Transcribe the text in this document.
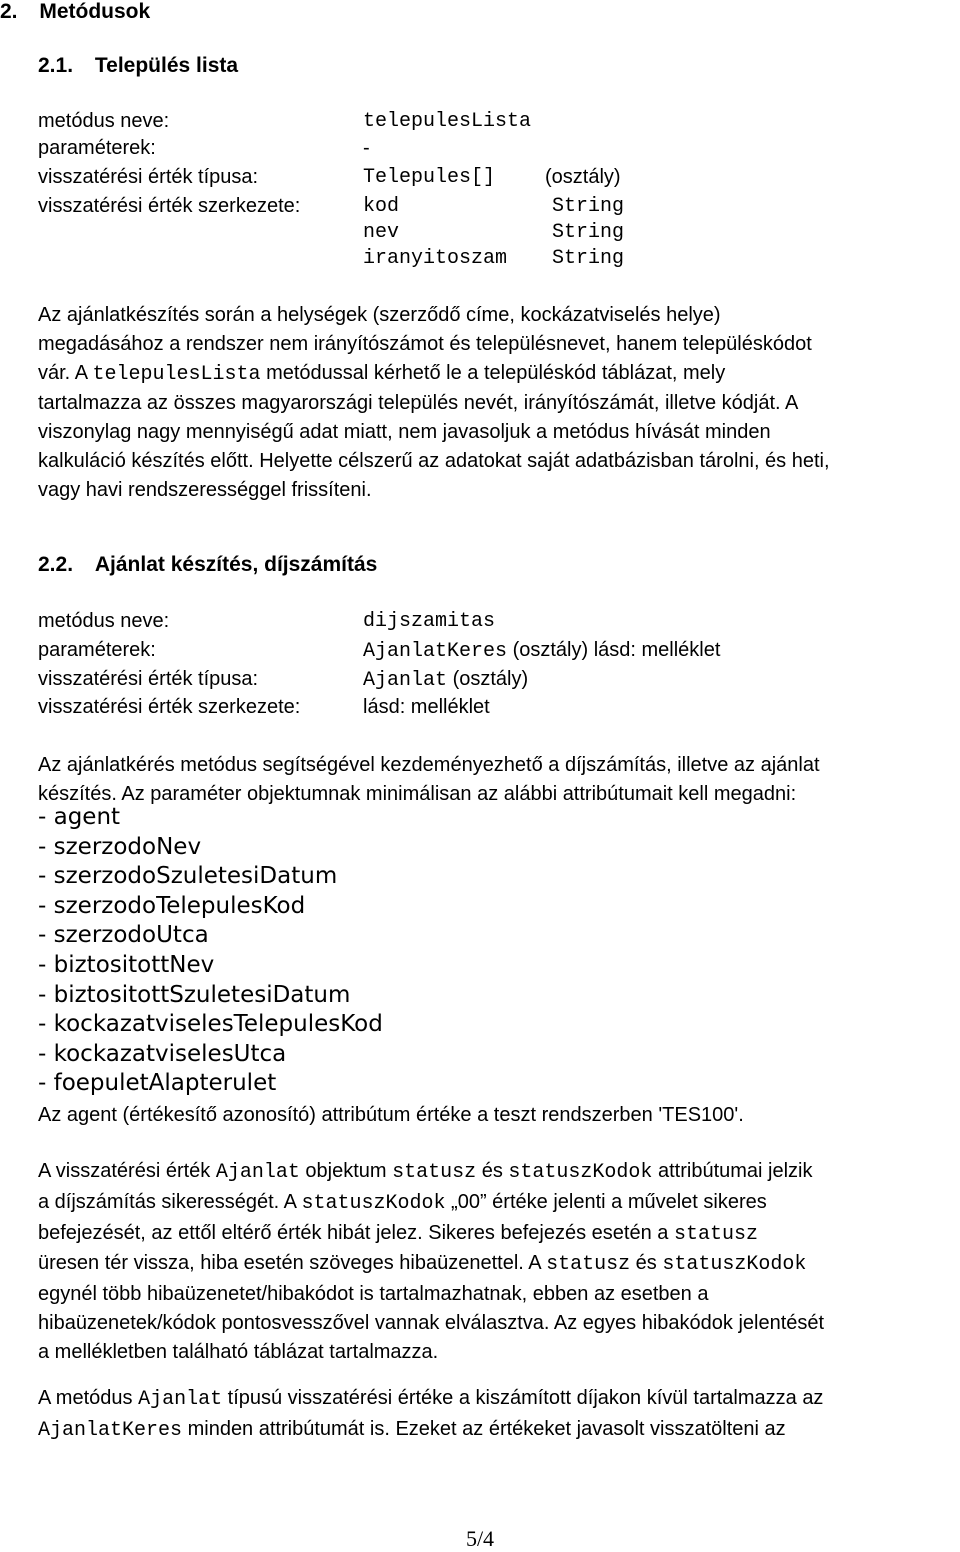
2. Metódusok
2.1. Település lista
metódus neve:	telepulesLista
paraméterek:	-
visszatérési érték típusa:	Telepules[] (osztály)
visszatérési érték szerkezete:	kod	String
nev	String
iranyitoszam String
Az ajánlatkészítés során a helységek (szerződő címe, kockázatviselés helye)
megadásához a rendszer nem irányítószámot és településnevet, hanem településkódot
vár. A telepulesLista metódussal kérhető le a településkód táblázat, mely
tartalmazza az összes magyarországi település nevét, irányítószámát, illetve kódját. A
viszonylag nagy mennyiségű adat miatt, nem javasoljuk a metódus hívását minden
kalkuláció készítés előtt. Helyette célszerű az adatokat saját adatbázisban tárolni, és heti,
vagy havi rendszerességgel frissíteni.
2.2. Ajánlat készítés, díjszámítás
metódus neve:	dijszamitas
paraméterek:	AjanlatKeres (osztály) lásd: melléklet
visszatérési érték típusa:	Ajanlat (osztály)
visszatérési érték szerkezete:	lásd: melléklet
Az ajánlatkérés metódus segítségével kezdeményezhető a díjszámítás, illetve az ajánlat
készítés. Az paraméter objektumnak minimálisan az alábbi attribútumait kell megadni:
- agent
- szerzodoNev
- szerzodoSzuletesiDatum
- szerzodoTelepulesKod
- szerzodoUtca
- biztositottNev
- biztositottSzuletesiDatum
- kockazatviselesTelepulesKod
- kockazatviselesUtca
- foepuletAlapterulet
Az agent (értékesítő azonosító) attribútum értéke a teszt rendszerben 'TES100'.
A visszatérési érték Ajanlat objektum statusz és statuszKodok attribútumai jelzik
a díjszámítás sikerességét. A statuszKodok „00” értéke jelenti a művelet sikeres
befejezését, az ettől eltérő érték hibát jelez. Sikeres befejezés esetén a statusz
üresen tér vissza, hiba esetén szöveges hibaüzenettel. A statusz és statuszKodok
egynél több hibaüzenetet/hibakódot is tartalmazhatnak, ebben az esetben a
hibaüzenetek/kódok pontosvesszővel vannak elválasztva. Az egyes hibakódok jelentését
a mellékletben található táblázat tartalmazza.
A metódus Ajanlat típusú visszatérési értéke a kiszámított díjakon kívül tartalmazza az
AjanlatKeres minden attribútumát is. Ezeket az értékeket javasolt visszatölteni az
5/4
